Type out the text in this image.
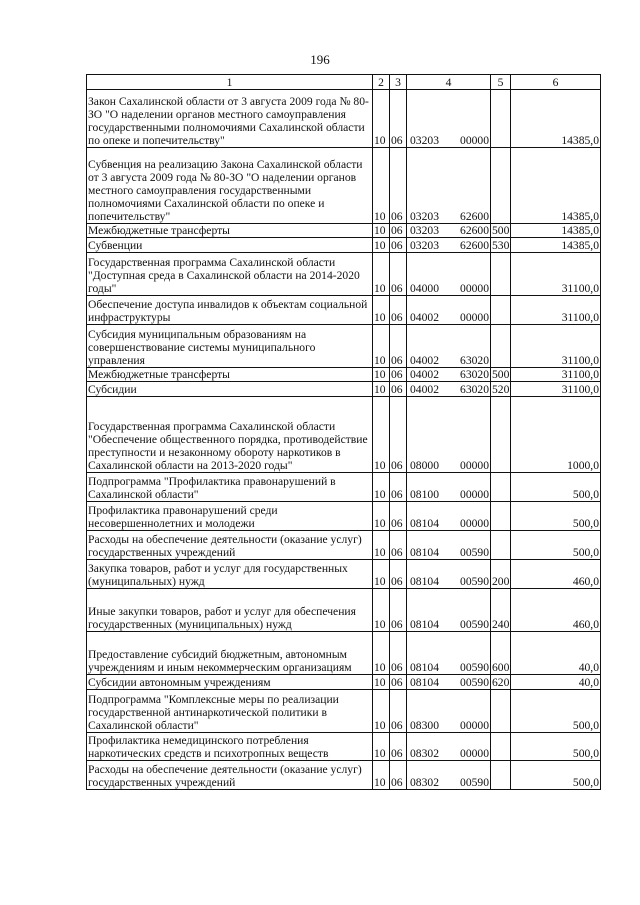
196
1	2	3	4	5	6
Закон Сахалинской области от 3 августа 2009 года № 80-ЗО "О наделении органов местного самоуправления государственными полномочиями Сахалинской области по опеке и попечительству"	10	06	03203 00000		14385,0
Субвенция на реализацию Закона Сахалинской области от 3 августа 2009 года № 80-ЗО "О наделении органов местного самоуправления государственными полномочиями Сахалинской области по опеке и попечительству"	10	06	03203 62600		14385,0
Межбюджетные трансферты	10	06	03203 62600	500	14385,0
Субвенции	10	06	03203 62600	530	14385,0
Государственная программа Сахалинской области "Доступная среда в Сахалинской области на 2014-2020 годы"	10	06	04000 00000		31100,0
Обеспечение доступа инвалидов к объектам социальной инфраструктуры	10	06	04002 00000		31100,0
Субсидия муниципальным образованиям на совершенствование системы муниципального управления	10	06	04002 63020		31100,0
Межбюджетные трансферты	10	06	04002 63020	500	31100,0
Субсидии	10	06	04002 63020	520	31100,0
Государственная программа Сахалинской области "Обеспечение общественного порядка, противодействие преступности и незаконному обороту наркотиков в Сахалинской области на 2013-2020 годы"	10	06	08000 00000		1000,0
Подпрограмма "Профилактика правонарушений в Сахалинской области"	10	06	08100 00000		500,0
Профилактика правонарушений среди несовершеннолетних и молодежи	10	06	08104 00000		500,0
Расходы на обеспечение деятельности (оказание услуг) государственных учреждений	10	06	08104 00590		500,0
Закупка товаров, работ и услуг для государственных (муниципальных) нужд	10	06	08104 00590	200	460,0
Иные закупки товаров, работ и услуг для обеспечения государственных (муниципальных) нужд	10	06	08104 00590	240	460,0
Предоставление субсидий бюджетным, автономным учреждениям и иным некоммерческим организациям	10	06	08104 00590	600	40,0
Субсидии автономным учреждениям	10	06	08104 00590	620	40,0
Подпрограмма "Комплексные меры по реализации государственной антинаркотической политики в Сахалинской области"	10	06	08300 00000		500,0
Профилактика немедицинского потребления наркотических средств и психотропных веществ	10	06	08302 00000		500,0
Расходы на обеспечение деятельности (оказание услуг) государственных учреждений	10	06	08302 00590		500,0
